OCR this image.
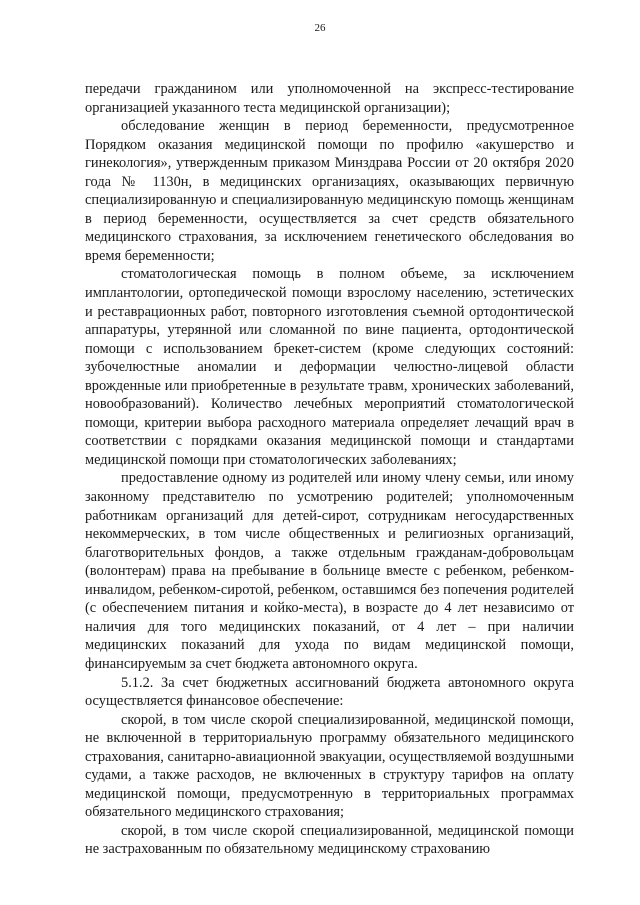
26

передачи гражданином или уполномоченной на экспресс-тестирование организацией указанного теста медицинской организации);

обследование женщин в период беременности, предусмотренное Порядком оказания медицинской помощи по профилю «акушерство и гинекология», утвержденным приказом Минздрава России от 20 октября 2020 года № 1130н, в медицинских организациях, оказывающих первичную специализированную и специализированную медицинскую помощь женщинам в период беременности, осуществляется за счет средств обязательного медицинского страхования, за исключением генетического обследования во время беременности;

стоматологическая помощь в полном объеме, за исключением имплантологии, ортопедической помощи взрослому населению, эстетических и реставрационных работ, повторного изготовления съемной ортодонтической аппаратуры, утерянной или сломанной по вине пациента, ортодонтической помощи с использованием брекет-систем (кроме следующих состояний: зубочелюстные аномалии и деформации челюстно-лицевой области врожденные или приобретенные в результате травм, хронических заболеваний, новообразований). Количество лечебных мероприятий стоматологической помощи, критерии выбора расходного материала определяет лечащий врач в соответствии с порядками оказания медицинской помощи и стандартами медицинской помощи при стоматологических заболеваниях;

предоставление одному из родителей или иному члену семьи, или иному законному представителю по усмотрению родителей; уполномоченным работникам организаций для детей-сирот, сотрудникам негосударственных некоммерческих, в том числе общественных и религиозных организаций, благотворительных фондов, а также отдельным гражданам-добровольцам (волонтерам) права на пребывание в больнице вместе с ребенком, ребенком-инвалидом, ребенком-сиротой, ребенком, оставшимся без попечения родителей (с обеспечением питания и койко-места), в возрасте до 4 лет независимо от наличия для того медицинских показаний, от 4 лет – при наличии медицинских показаний для ухода по видам медицинской помощи, финансируемым за счет бюджета автономного округа.

5.1.2. За счет бюджетных ассигнований бюджета автономного округа осуществляется финансовое обеспечение:

скорой, в том числе скорой специализированной, медицинской помощи, не включенной в территориальную программу обязательного медицинского страхования, санитарно-авиационной эвакуации, осуществляемой воздушными судами, а также расходов, не включенных в структуру тарифов на оплату медицинской помощи, предусмотренную в территориальных программах обязательного медицинского страхования;

скорой, в том числе скорой специализированной, медицинской помощи не застрахованным по обязательному медицинскому страхованию
